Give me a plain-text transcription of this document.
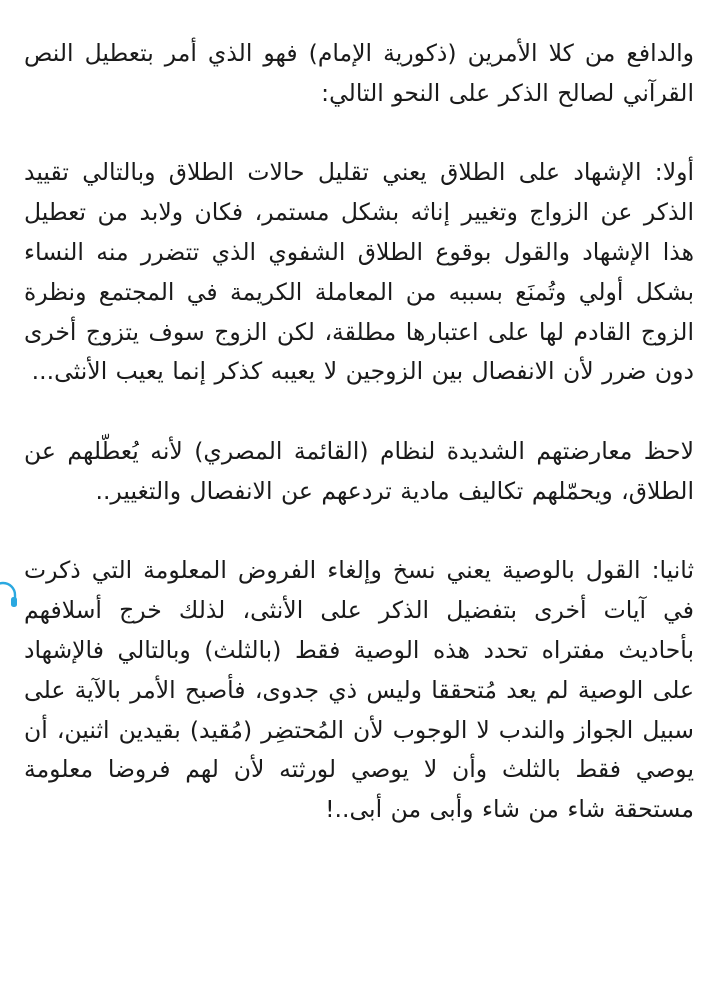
والدافع من كلا الأمرين (ذكورية الإمام) فهو الذي أمر بتعطيل النص القرآني لصالح الذكر على النحو التالي:

أولا: الإشهاد على الطلاق يعني تقليل حالات الطلاق وبالتالي تقييد الذكر عن الزواج وتغيير إناثه بشكل مستمر، فكان ولابد من تعطيل هذا الإشهاد والقول بوقوع الطلاق الشفوي الذي تتضرر منه النساء بشكل أولي وتُمنَع بسببه من المعاملة الكريمة في المجتمع ونظرة الزوج القادم لها على اعتبارها مطلقة، لكن الزوج سوف يتزوج أخرى دون ضرر لأن الانفصال بين الزوجين لا يعيبه كذكر إنما يعيب الأنثى...

لاحظ معارضتهم الشديدة لنظام (القائمة المصري) لأنه يُعطّلهم عن الطلاق، ويحمّلهم تكاليف مادية تردعهم عن الانفصال والتغيير..

ثانيا: القول بالوصية يعني نسخ وإلغاء الفروض المعلومة التي ذكرت في آيات أخرى بتفضيل الذكر على الأنثى، لذلك خرج أسلافهم بأحاديث مفتراه تحدد هذه الوصية فقط (بالثلث) وبالتالي فالإشهاد على الوصية لم يعد مُتحققا وليس ذي جدوى، فأصبح الأمر بالآية على سبيل الجواز والندب لا الوجوب لأن المُحتضِر (مُقيد) بقيدين اثنين، أن يوصي فقط بالثلث وأن لا يوصي لورثته لأن لهم فروضا معلومة مستحقة شاء من شاء وأبى من أبى..!
